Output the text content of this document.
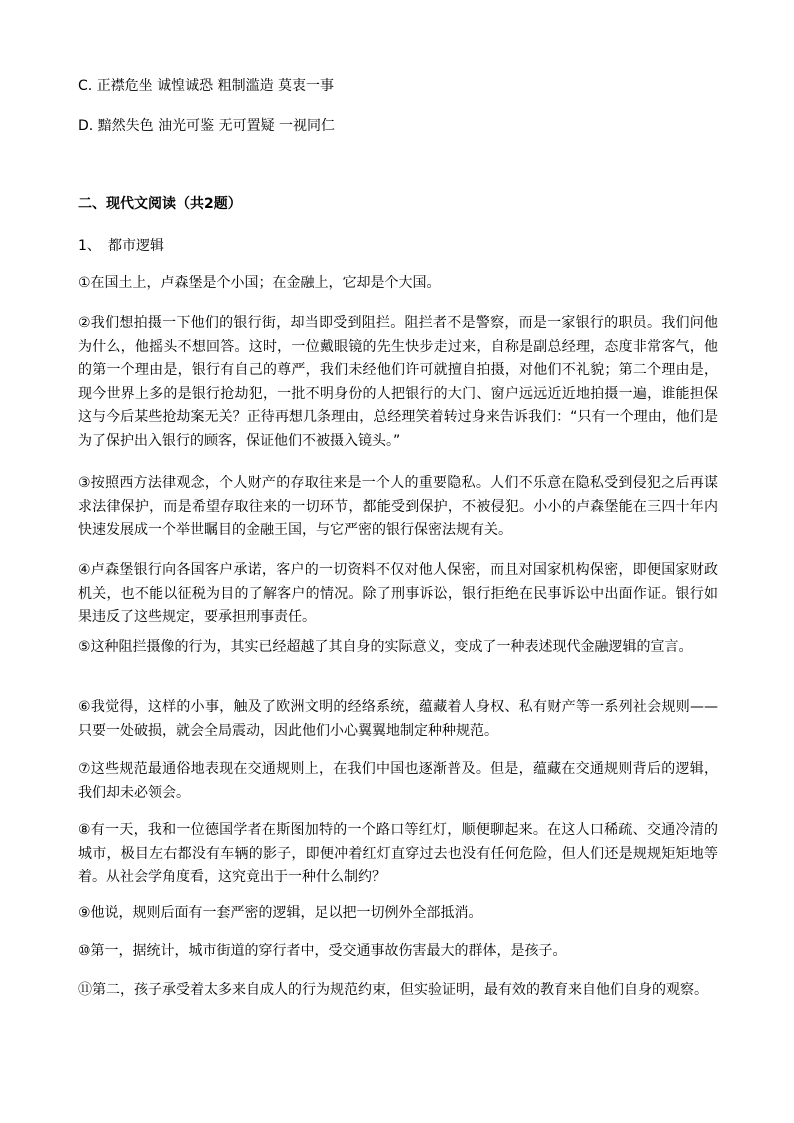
C. 正襟危坐 诚惶诚恐 粗制滥造 莫衷一事
D. 黯然失色 油光可鉴 无可置疑 一视同仁
二、现代文阅读（共2题）
1、 都市逻辑

①在国土上，卢森堡是个小国；在金融上，它却是个大国。

②我们想拍摄一下他们的银行街，却当即受到阻拦。阻拦者不是警察，而是一家银行的职员。我们问他为什么，他摇头不想回答。这时，一位戴眼镜的先生快步走过来，自称是副总经理，态度非常客气，他的第一个理由是，银行有自己的尊严，我们未经他们许可就擅自拍摄，对他们不礼貌；第二个理由是，现今世界上多的是银行抢劫犯，一批不明身份的人把银行的大门、窗户远远近近地拍摄一遍，谁能担保这与今后某些抢劫案无关？正待再想几条理由，总经理笑着转过身来告诉我们：“只有一个理由，他们是为了保护出入银行的顾客，保证他们不被摄入镜头。”

③按照西方法律观念，个人财产的存取往来是一个人的重要隐私。人们不乐意在隐私受到侵犯之后再谋求法律保护，而是希望存取往来的一切环节，都能受到保护，不被侵犯。小小的卢森堡能在三四十年内快速发展成一个举世瞩目的金融王国，与它严密的银行保密法规有关。

④卢森堡银行向各国客户承诺，客户的一切资料不仅对他人保密，而且对国家机构保密，即便国家财政机关，也不能以征税为目的了解客户的情况。除了刑事诉讼，银行拒绝在民事诉讼中出面作证。银行如果违反了这些规定，要承担刑事责任。

⑤这种阻拦摄像的行为，其实已经超越了其自身的实际意义，变成了一种表述现代金融逻辑的宣言。

⑥我觉得，这样的小事，触及了欧洲文明的经络系统，蕴藏着人身权、私有财产等一系列社会规则——只要一处破损，就会全局震动，因此他们小心翼翼地制定种种规范。

⑦这些规范最通俗地表现在交通规则上，在我们中国也逐渐普及。但是，蕴藏在交通规则背后的逻辑，我们却未必领会。

⑧有一天，我和一位德国学者在斯图加特的一个路口等红灯，顺便聊起来。在这人口稀疏、交通冷清的城市，极目左右都没有车辆的影子，即便冲着红灯直穿过去也没有任何危险，但人们还是规规矩矩地等着。从社会学角度看，这究竟出于一种什么制约？

⑨他说，规则后面有一套严密的逻辑，足以把一切例外全部抵消。

⑩第一，据统计，城市街道的穿行者中，受交通事故伤害最大的群体，是孩子。

⑪第二，孩子承受着太多来自成人的行为规范约束，但实验证明，最有效的教育来自他们自身的观察。
